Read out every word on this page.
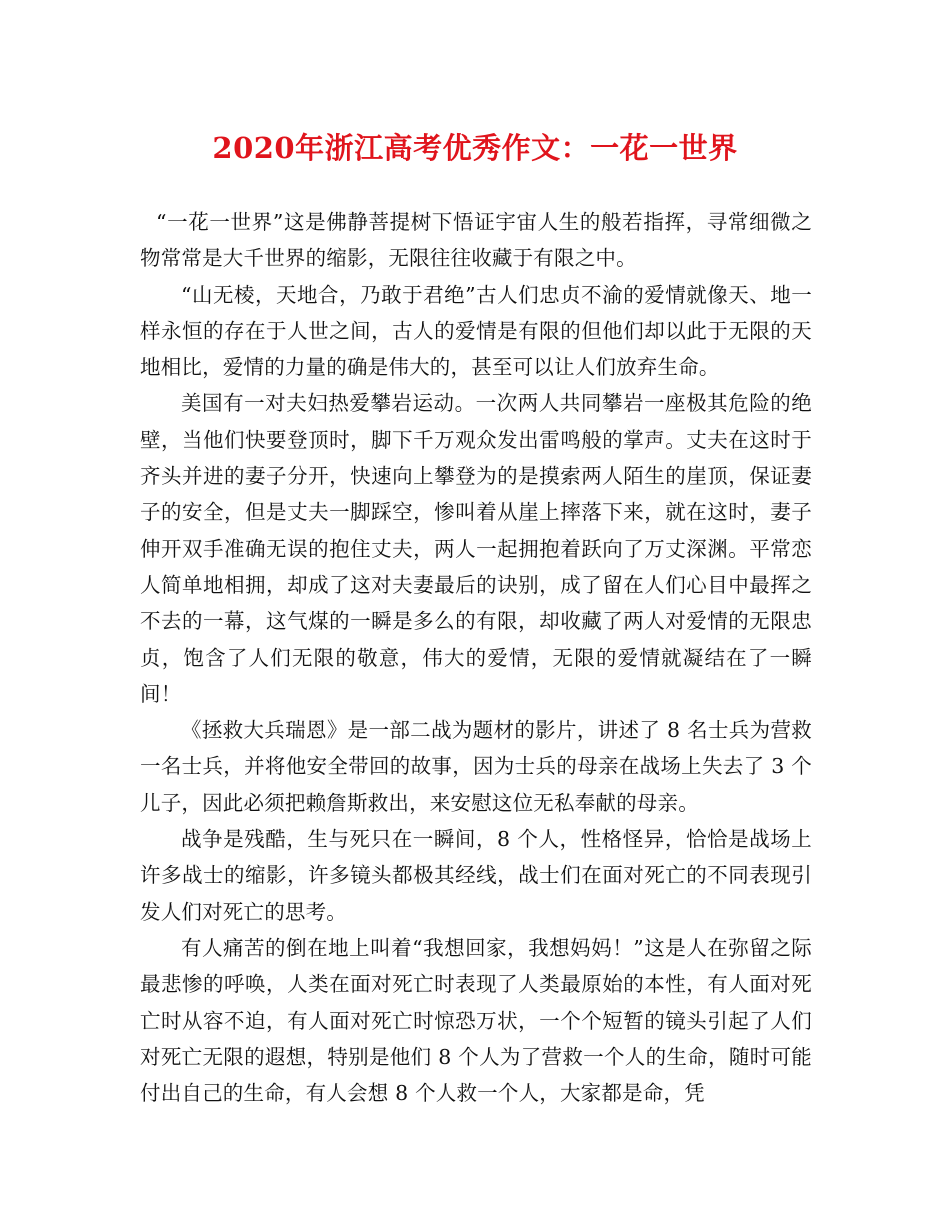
2020年浙江高考优秀作文：一花一世界

“一花一世界”这是佛静菩提树下悟证宇宙人生的般若指挥，寻常细微之物常常是大千世界的缩影，无限往往收藏于有限之中。

“山无棱，天地合，乃敢于君绝”古人们忠贞不渝的爱情就像天、地一样永恒的存在于人世之间，古人的爱情是有限的但他们却以此于无限的天地相比，爱情的力量的确是伟大的，甚至可以让人们放弃生命。

美国有一对夫妇热爱攀岩运动。一次两人共同攀岩一座极其危险的绝壁，当他们快要登顶时，脚下千万观众发出雷鸣般的掌声。丈夫在这时于齐头并进的妻子分开，快速向上攀登为的是摸索两人陌生的崖顶，保证妻子的安全，但是丈夫一脚踩空，惨叫着从崖上摔落下来，就在这时，妻子伸开双手准确无误的抱住丈夫，两人一起拥抱着跃向了万丈深渊。平常恋人简单地相拥，却成了这对夫妻最后的诀别，成了留在人们心目中最挥之不去的一幕，这气煤的一瞬是多么的有限，却收藏了两人对爱情的无限忠贞，饱含了人们无限的敬意，伟大的爱情，无限的爱情就凝结在了一瞬间！

《拯救大兵瑞恩》是一部二战为题材的影片，讲述了 8 名士兵为营救一名士兵，并将他安全带回的故事，因为士兵的母亲在战场上失去了 3 个儿子，因此必须把赖詹斯救出，来安慰这位无私奉献的母亲。

战争是残酷，生与死只在一瞬间，8 个人，性格怪异，恰恰是战场上许多战士的缩影，许多镜头都极其经线，战士们在面对死亡的不同表现引发人们对死亡的思考。

有人痛苦的倒在地上叫着“我想回家，我想妈妈！”这是人在弥留之际最悲惨的呼唤，人类在面对死亡时表现了人类最原始的本性，有人面对死亡时从容不迫，有人面对死亡时惊恐万状，一个个短暂的镜头引起了人们对死亡无限的遐想，特别是他们 8 个人为了营救一个人的生命，随时可能付出自己的生命，有人会想 8 个人救一个人，大家都是命，凭
